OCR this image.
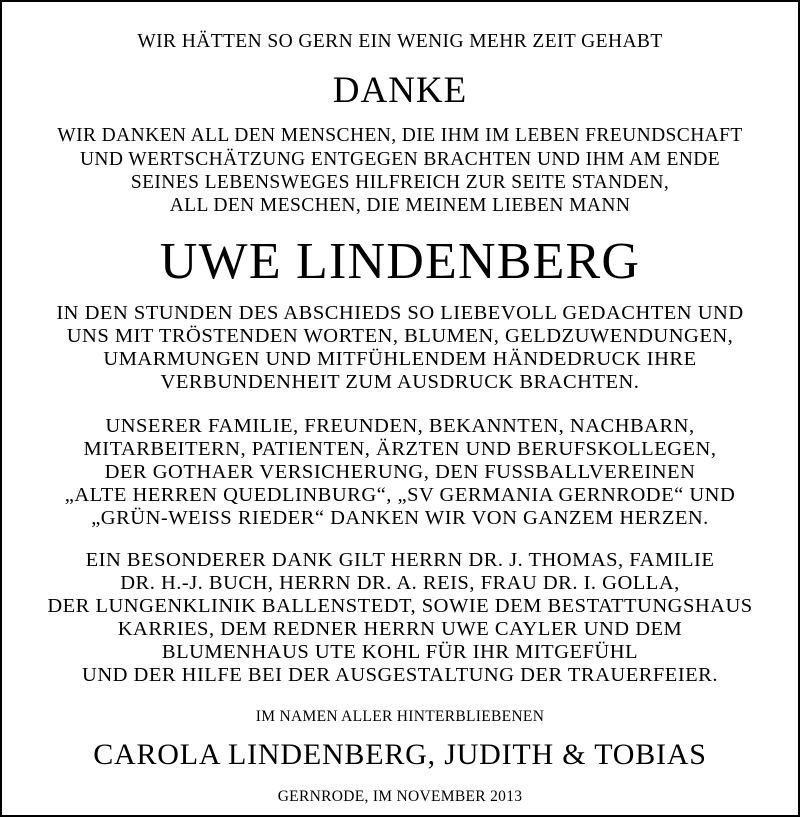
WIR HÄTTEN SO GERN EIN WENIG MEHR ZEIT GEHABT
DANKE
WIR DANKEN ALL DEN MENSCHEN, DIE IHM IM LEBEN FREUNDSCHAFT
UND WERTSCHÄTZUNG ENTGEGEN BRACHTEN UND IHM AM ENDE
SEINES LEBENSWEGES HILFREICH ZUR SEITE STANDEN,
ALL DEN MESCHEN, DIE MEINEM LIEBEN MANN
UWE LINDENBERG
IN DEN STUNDEN DES ABSCHIEDS SO LIEBEVOLL GEDACHTEN UND
UNS MIT TRÖSTENDEN WORTEN, BLUMEN, GELDZUWENDUNGEN,
UMARMUNGEN UND MITFÜHLENDEM HÄNDEDRUCK IHRE
VERBUNDENHEIT ZUM AUSDRUCK BRACHTEN.
UNSERER FAMILIE, FREUNDEN, BEKANNTEN, NACHBARN,
MITARBEITERN, PATIENTEN, ÄRZTEN UND BERUFSKOLLEGEN,
DER GOTHAER VERSICHERUNG, DEN FUSSBALLVEREINEN
„ALTE HERREN QUEDLINBURG“, „SV GERMANIA GERNRODE“ UND
„GRÜN-WEISS RIEDER“ DANKEN WIR VON GANZEM HERZEN.
EIN BESONDERER DANK GILT HERRN DR. J. THOMAS, FAMILIE
DR. H.-J. BUCH, HERRN DR. A. REIS, FRAU DR. I. GOLLA,
DER LUNGENKLINIK BALLENSTEDT, SOWIE DEM BESTATTUNGSHAUS
KARRIES, DEM REDNER HERRN UWE CAYLER UND DEM
BLUMENHAUS UTE KOHL FÜR IHR MITGEFÜHL
UND DER HILFE BEI DER AUSGESTALTUNG DER TRAUERFEIER.
IM NAMEN ALLER HINTERBLIEBENEN
CAROLA LINDENBERG, JUDITH & TOBIAS
GERNRODE, IM NOVEMBER 2013
